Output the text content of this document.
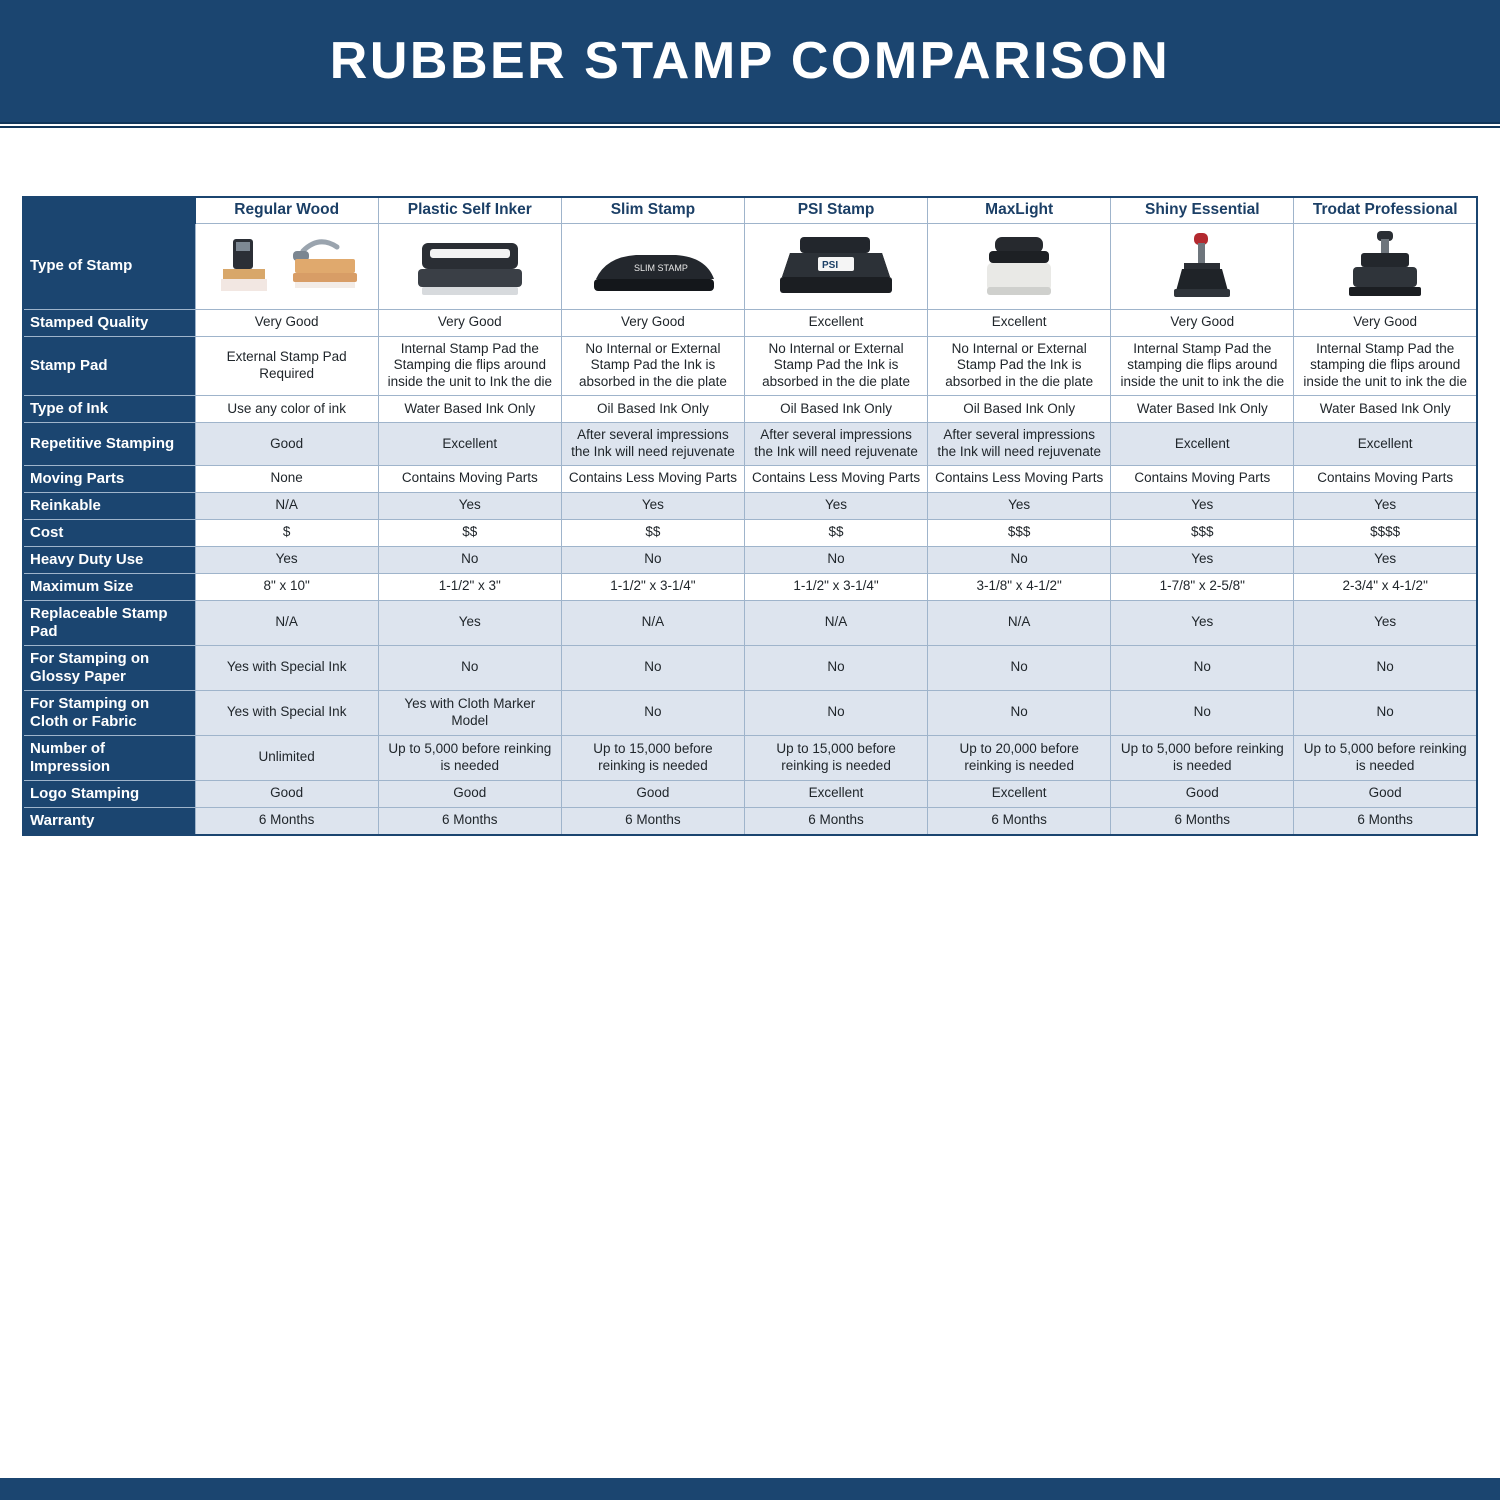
RUBBER STAMP COMPARISON
	Regular Wood	Plastic Self Inker	Slim Stamp	PSI Stamp	MaxLight	Shiny Essential	Trodat Professional
Type of Stamp			SLIM STAMP	PSI

Stamped Quality	Very Good	Very Good	Very Good	Excellent	Excellent	Very Good	Very Good
Stamp Pad	External Stamp Pad Required	Internal Stamp Pad the Stamping die flips around inside the unit to Ink the die	No Internal or External Stamp Pad the Ink is absorbed in the die plate	No Internal or External Stamp Pad the Ink is absorbed in the die plate	No Internal or External Stamp Pad the Ink is absorbed in the die plate	Internal Stamp Pad the stamping die flips around inside the unit to ink the die	Internal Stamp Pad the stamping die flips around inside the unit to ink the die
Type of Ink	Use any color of ink	Water Based Ink Only	Oil Based Ink Only	Oil Based Ink Only	Oil Based Ink Only	Water Based Ink Only	Water Based Ink Only
Repetitive Stamping	Good	Excellent	After several impressions the Ink will need rejuvenate	After several impressions the Ink will need rejuvenate	After several impressions the Ink will need rejuvenate	Excellent	Excellent
Moving Parts	None	Contains Moving Parts	Contains Less Moving Parts	Contains Less Moving Parts	Contains Less Moving Parts	Contains Moving Parts	Contains Moving Parts
Reinkable	N/A	Yes	Yes	Yes	Yes	Yes	Yes
Cost	$	$$	$$	$$	$$$	$$$	$$$$
Heavy Duty Use	Yes	No	No	No	No	Yes	Yes
Maximum Size	8" x 10"	1-1/2" x 3"	1-1/2" x 3-1/4"	1-1/2" x 3-1/4"	3-1/8" x 4-1/2"	1-7/8" x 2-5/8"	2-3/4" x 4-1/2"
Replaceable Stamp Pad	N/A	Yes	N/A	N/A	N/A	Yes	Yes
For Stamping on Glossy Paper	Yes with Special Ink	No	No	No	No	No	No
For Stamping on Cloth or Fabric	Yes with Special Ink	Yes with Cloth Marker Model	No	No	No	No	No
Number of Impression	Unlimited	Up to 5,000 before reinking is needed	Up to 15,000 before reinking is needed	Up to 15,000 before reinking is needed	Up to 20,000 before reinking is needed	Up to 5,000 before reinking is needed	Up to 5,000 before reinking is needed
Logo Stamping	Good	Good	Good	Excellent	Excellent	Good	Good
Warranty	6 Months	6 Months	6 Months	6 Months	6 Months	6 Months	6 Months
